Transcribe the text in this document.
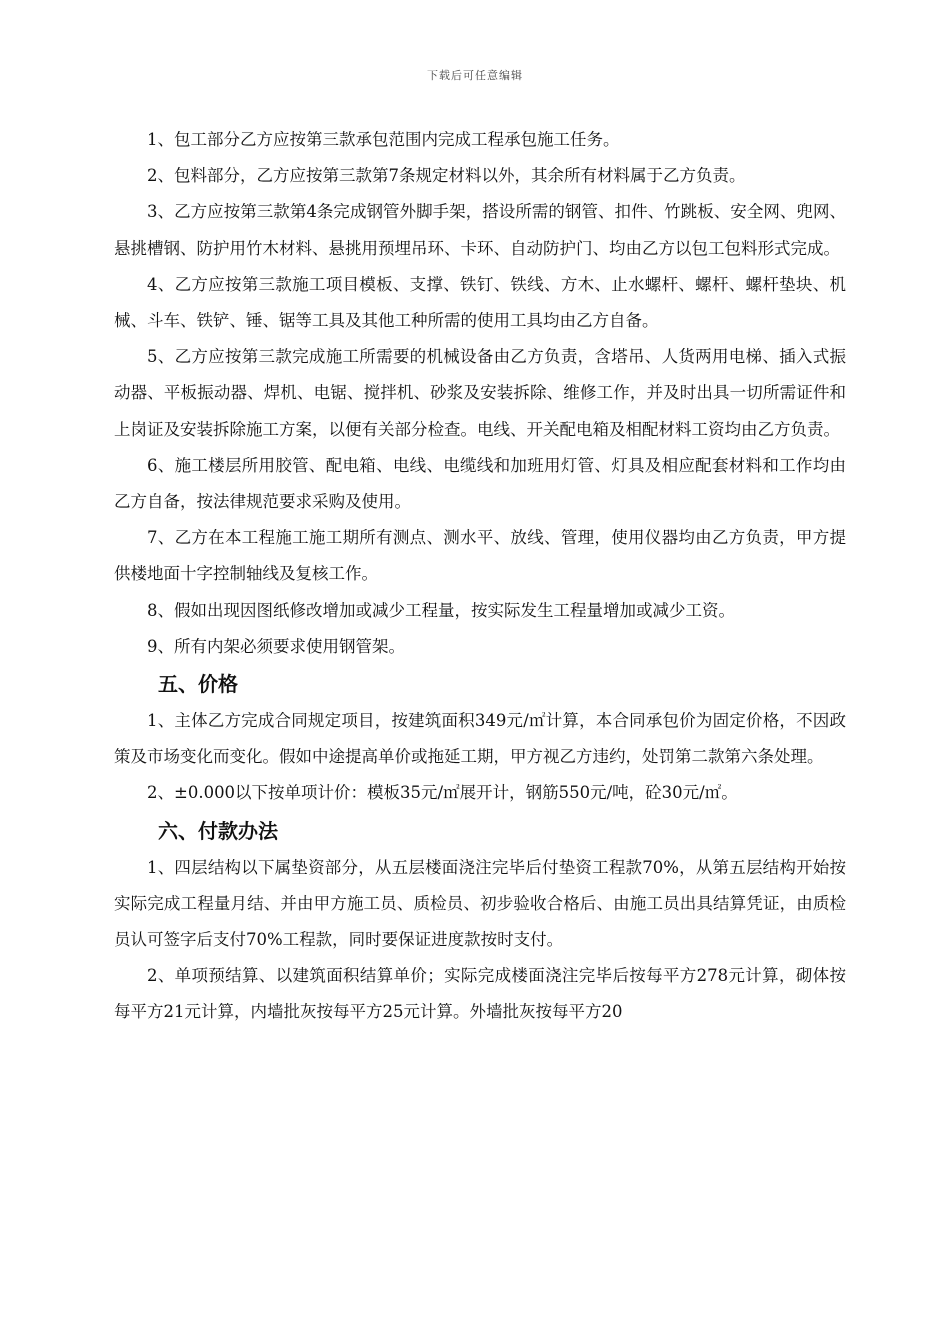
下载后可任意编辑

1、包工部分乙方应按第三款承包范围内完成工程承包施工任务。

2、包料部分，乙方应按第三款第7条规定材料以外，其余所有材料属于乙方负责。

3、乙方应按第三款第4条完成钢管外脚手架，搭设所需的钢管、扣件、竹跳板、安全网、兜网、悬挑槽钢、防护用竹木材料、悬挑用预埋吊环、卡环、自动防护门、均由乙方以包工包料形式完成。

4、乙方应按第三款施工项目模板、支撑、铁钉、铁线、方木、止水螺杆、螺杆、螺杆垫块、机械、斗车、铁铲、锤、锯等工具及其他工种所需的使用工具均由乙方自备。

5、乙方应按第三款完成施工所需要的机械设备由乙方负责，含塔吊、人货两用电梯、插入式振动器、平板振动器、焊机、电锯、搅拌机、砂浆及安装拆除、维修工作，并及时出具一切所需证件和上岗证及安装拆除施工方案，以便有关部分检查。电线、开关配电箱及相配材料工资均由乙方负责。

6、施工楼层所用胶管、配电箱、电线、电缆线和加班用灯管、灯具及相应配套材料和工作均由乙方自备，按法律规范要求采购及使用。

7、乙方在本工程施工施工期所有测点、测水平、放线、管理，使用仪器均由乙方负责，甲方提供楼地面十字控制轴线及复核工作。

8、假如出现因图纸修改增加或减少工程量，按实际发生工程量增加或减少工资。

9、所有内架必须要求使用钢管架。

五、价格

1、主体乙方完成合同规定项目，按建筑面积349元/㎡计算，本合同承包价为固定价格，不因政策及市场变化而变化。假如中途提高单价或拖延工期，甲方视乙方违约，处罚第二款第六条处理。

2、±0.000以下按单项计价：模板35元/㎡展开计，钢筋550元/吨，砼30元/㎡。

六、付款办法

1、四层结构以下属垫资部分，从五层楼面浇注完毕后付垫资工程款70%，从第五层结构开始按实际完成工程量月结、并由甲方施工员、质检员、初步验收合格后、由施工员出具结算凭证，由质检员认可签字后支付70%工程款，同时要保证进度款按时支付。

2、单项预结算、以建筑面积结算单价；实际完成楼面浇注完毕后按每平方278元计算，砌体按每平方21元计算，内墙批灰按每平方25元计算。外墙批灰按每平方20
